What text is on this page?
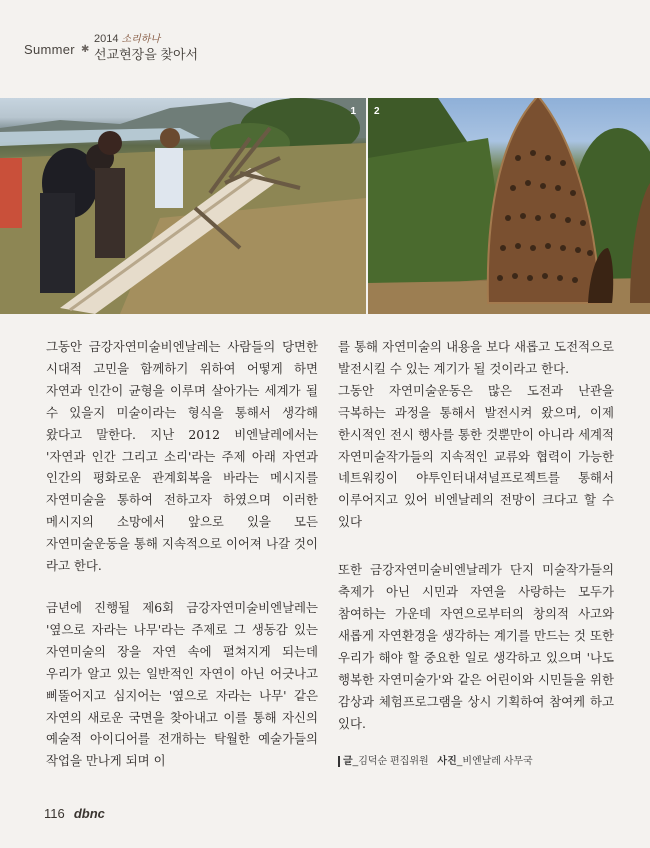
Summer ✱
2014 소리하나
선교현장을 찾아서
1 2

그동안 금강자연미술비엔날레는 사람들의 당면한 시대적 고민을 함께하기 위하여 어떻게 하면 자연과 인간이 균형을 이루며 살아가는 세계가 될 수 있을지 미술이라는 형식을 통해서 생각해 왔다고 말한다. 지난 2012 비엔날레에서는 '자연과 인간 그리고 소리'라는 주제 아래 자연과 인간의 평화로운 관계회복을 바라는 메시지를 자연미술을 통하여 전하고자 하였으며 이러한 메시지의 소망에서 앞으로 있을 모든 자연미술운동을 통해 지속적으로 이어져 나갈 것이 라고 한다.

금년에 진행될 제6회 금강자연미술비엔날레는 '옆으로 자라는 나무'라는 주제로 그 생동감 있는 자연미술의 장을 자연 속에 펼쳐지게 되는데 우리가 알고 있는 일반적인 자연이 아닌 어긋나고 삐뚤어지고 심지어는 '옆으로 자라는 나무' 같은 자연의 새로운 국면을 찾아내고 이를 통해 자신의 예술적 아이디어를 전개하는 탁월한 예술가들의 작업을 만나게 되며 이

를 통해 자연미술의 내용을 보다 새롭고 도전적으로 발전시킬 수 있는 계기가 될 것이라고 한다.

그동안 자연미술운동은 많은 도전과 난관을 극복하는 과정을 통해서 발전시켜 왔으며, 이제 한시적인 전시 행사를 통한 것뿐만이 아니라 세계적 자연미술작가들의 지속적인 교류와 협력이 가능한 네트워킹이 야투인터내셔널프로젝트를 통해서 이루어지고 있어 비엔날레의 전망이 크다고 할 수 있다

또한 금강자연미술비엔날레가 단지 미술작가들의 축제가 아닌 시민과 자연을 사랑하는 모두가 참여하는 가운데 자연으로부터의 창의적 사고와 새롭게 자연환경을 생각하는 계기를 만드는 것 또한 우리가 해야 할 중요한 일로 생각하고 있으며 '나도 행복한 자연미술가'와 같은 어린이와 시민들을 위한 감상과 체험프로그램을 상시 기획하여 참여케 하고 있다.

글_김덕순 편집위원 사진_비엔날레 사무국
116 dbnc
